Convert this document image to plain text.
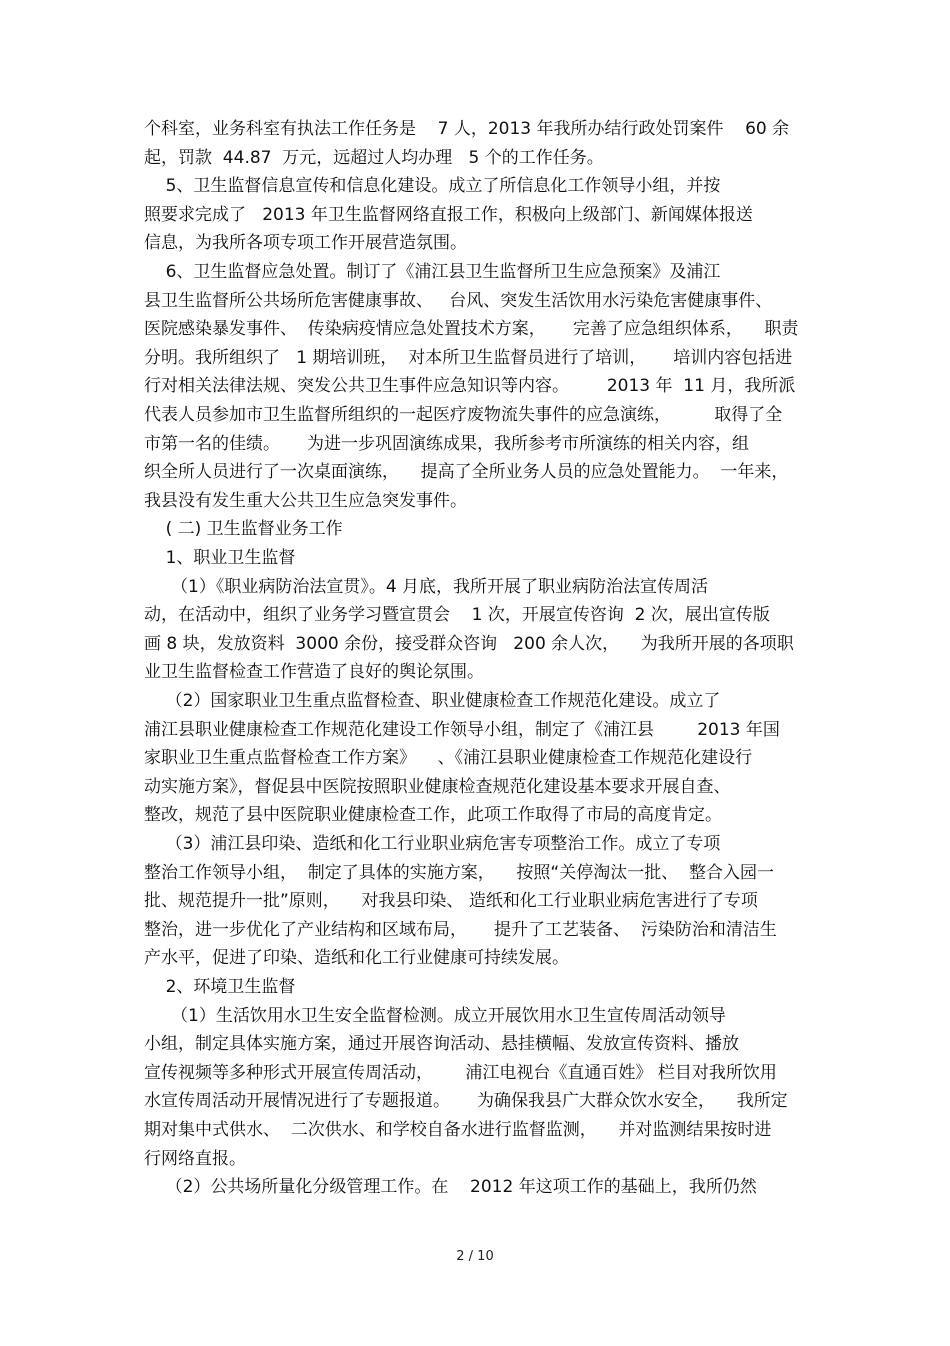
个科室，业务科室有执法工作任务是    7 人，2013 年我所办结行政处罚案件    60 余
起，罚款  44.87  万元，远超过人均办理   5 个的工作任务。
5、卫生监督信息宣传和信息化建设。成立了所信息化工作领导小组，并按
照要求完成了   2013 年卫生监督网络直报工作，积极向上级部门、新闻媒体报送
信息，为我所各项专项工作开展营造氛围。
6、卫生监督应急处置。制订了《浦江县卫生监督所卫生应急预案》及浦江
县卫生监督所公共场所危害健康事故、   台风、突发生活饮用水污染危害健康事件、
医院感染暴发事件、  传染病疫情应急处置技术方案，     完善了应急组织体系，    职责
分明。我所组织了   1 期培训班，  对本所卫生监督员进行了培训，     培训内容包括进
行对相关法律法规、突发公共卫生事件应急知识等内容。       2013 年  11 月，我所派
代表人员参加市卫生监督所组织的一起医疗废物流失事件的应急演练，        取得了全
市第一名的佳绩。     为进一步巩固演练成果，我所参考市所演练的相关内容，组
织全所人员进行了一次桌面演练，    提高了全所业务人员的应急处置能力。  一年来，
我县没有发生重大公共卫生应急突发事件。
( 二) 卫生监督业务工作
1、职业卫生监督
（1）《职业病防治法宣贯》。4 月底，我所开展了职业病防治法宣传周活
动，在活动中，组织了业务学习暨宣贯会    1 次，开展宣传咨询  2 次，展出宣传版
画 8 块，发放资料  3000 余份，接受群众咨询   200 余人次，    为我所开展的各项职
业卫生监督检查工作营造了良好的舆论氛围。
（2）国家职业卫生重点监督检查、职业健康检查工作规范化建设。成立了
浦江县职业健康检查工作规范化建设工作领导小组，制定了《浦江县        2013 年国
家职业卫生重点监督检查工作方案》    、《浦江县职业健康检查工作规范化建设行
动实施方案》，督促县中医院按照职业健康检查规范化建设基本要求开展自查、
整改，规范了县中医院职业健康检查工作，此项工作取得了市局的高度肯定。
（3）浦江县印染、造纸和化工行业职业病危害专项整治工作。成立了专项
整治工作领导小组，  制定了具体的实施方案，    按照“关停淘汰一批、  整合入园一
批、规范提升一批”原则，    对我县印染、 造纸和化工行业职业病危害进行了专项
整治，进一步优化了产业结构和区域布局，     提升了工艺装备、  污染防治和清洁生
产水平，促进了印染、造纸和化工行业健康可持续发展。
2、环境卫生监督
（1）生活饮用水卫生安全监督检测。成立开展饮用水卫生宣传周活动领导
小组，制定具体实施方案，通过开展咨询活动、悬挂横幅、发放宣传资料、播放
宣传视频等多种形式开展宣传周活动，      浦江电视台《直通百姓》 栏目对我所饮用
水宣传周活动开展情况进行了专题报道。     为确保我县广大群众饮水安全，    我所定
期对集中式供水、  二次供水、和学校自备水进行监督监测，    并对监测结果按时进
行网络直报。
（2）公共场所量化分级管理工作。在    2012 年这项工作的基础上，我所仍然
2 / 10
